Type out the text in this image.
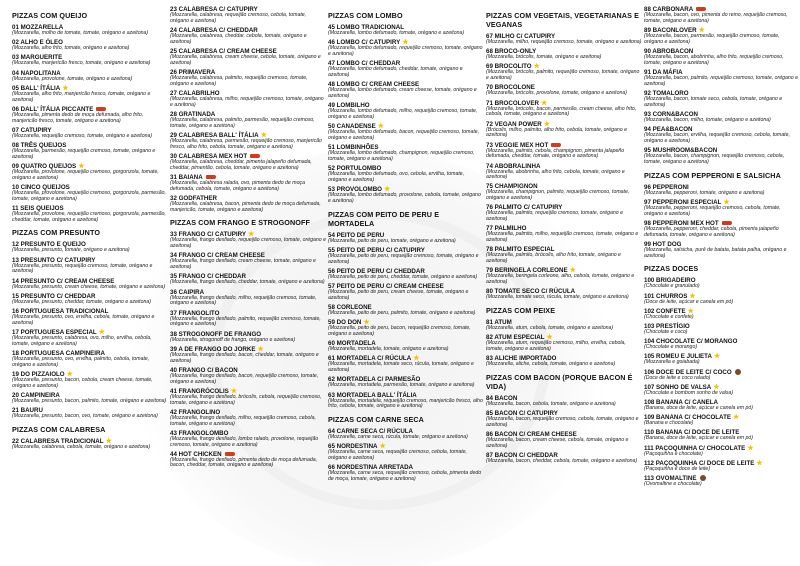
PIZZAS COM QUEIJO
01 MOZZARELLA
(Mozzarella, molho de tomate, tomate, orégano e azeitona)
02 ALHO E ÓLEO
(Mozzarella, alho frito, tomate, orégano e azeitona)
03 MARGUERITE
(Mozzarella, manjericão fresco, tomate, orégano e azeitona)
04 NAPOLITANA
(Mozzarella, provolone, tomate, orégano e azeitona)
05 BALL' ÍTÁLIA ★
(Mozzarella, alho frito, manjericão fresco, tomate, orégano e azeitona)
06 DALL' ÍTÁLIA PICCANTE
(Mozzarella, pimenta dedo de moça defumada, alho frito, manjericão fresco, tomate, orégano e azeitona)
07 CATUPIRY
(Mozzarella, requeijão cremoso, tomate, orégano e azeitona)
08 TRÊS QUEIJOS
(Mozzarella, parmesão, requeijão cremoso, tomate, orégano e azeitona)
09 QUATRO QUEIJOS ★
(Mozzarella, provolone, requeijão cremoso, gorgonzola, tomate, orégano e azeitona)
10 CINCO QUEIJOS
(Mozzarella, provolone, requeijão cremoso, gorgonzola, parmesão, tomate, orégano e azeitona)
11 SEIS QUEIJOS
(Mozzarella, provolone, requeijão cremoso, gorgonzola, parmesão, cheddar, tomate, orégano e azeitona)
PIZZAS COM PRESUNTO
12 PRESUNTO E QUEIJO
(Mozzarella, presunto, tomate, orégano e azeitona)
13 PRESUNTO C/ CATUPIRY
(Mozzarella, presunto, requeijão cremoso, tomate, orégano e azeitona)
14 PRESUNTO C/ CREAM CHEESE
(Mozzarella, presunto, cream cheese, tomate, orégano e azeitona)
15 PRESUNTO C/ CHEDDAR
(Mozzarella, presunto, cheddar, tomate, orégano e azeitona)
16 PORTUGUESA TRADICIONAL
(Mozzarella, presunto, ovo, ervilha, cebola, tomate, orégano e azeitona)
17 PORTUGUESA ESPECIAL ★
(Mozzarella, presunto, calabresa, ovo, milho, ervilha, cebola, tomate, orégano e azeitona)
18 PORTUGUESA CAMPINEIRA
(Mozzarella, presunto, ovo, ervilha, palmito, cebola, tomate, orégano e azeitona)
19 DO PIZZAIOLO ★
(Mozzarella, presunto, bacon, cebola, cream cheese, tomate, orégano e azeitona)
20 CAMPINEIRA
(Mozzarella, presunto, bacon, palmito, tomate, orégano e azeitona)
21 BAURU
(Mozzarella, presunto, bacon, ovo, tomate, orégano e azeitona)
PIZZAS COM CALABRESA
22 CALABRESA TRADICIONAL ★
(Mozzarella, calabresa, cebola, tomate, orégano e azeitona)
23 CALABRESA C/ CATUPIRY
(Mozzarella, calabresa, requeijão cremoso, cebola, tomate, orégano e azeitona)
24 CALABRESA C/ CHEDDAR
(Mozzarella, calabresa, cheddar, cebola, tomate, orégano e azeitona)
25 CALABRESA C/ CREAM CHEESE
(Mozzarella, calabresa, cream cheese, cebola, tomate, orégano e azeitona)
26 PRIMAVERA
(Mozzarella, calabresa, palmito, requeijão cremoso, tomate, orégano e azeitona)
27 CALABRILHO
(Mozzarella, calabresa, milho, requeijão cremoso, tomate, orégano e azeitona)
28 GRATINADA
(Mozzarella, calabresa, palmito, parmesão, requeijão cremoso, tomate, orégano e azeitona)
29 CALABRESA BALL' ÍTÁLIA ★
(Mozzarella, calabresa, parmesão, requeijão cremoso, manjericão fresco, alho frito, cebola, tomate, orégano e azeitona)
30 CALABRESA MEX HOT
(Mozzarella, calabresa, cheddar, pimenta jalapeño defumada, cheddar, pimentão, cebola, tomate, orégano e azeitona)
31 BAIANA
(Mozzarella, calabresa ralada, ovo, pimenta dedo de moça defumada, cebola, tomate, orégano e azeitona)
32 GODFATHER
(Mozzarella, calabresa, bacon, pimenta dedo de moça defumada, manjericão, tomate, orégano e azeitona)
PIZZAS COM FRANGO E STROGONOFF
33 FRANGO C/ CATUPIRY ★
(Mozzarella, frango desfiado, requeijão cremoso, tomate, orégano e azeitona)
34 FRANGO C/ CREAM CHEESE
(Mozzarella, frango desfiado, cream cheese, tomate, orégano e azeitona)
35 FRANGO C/ CHEDDAR
(Mozzarella, frango desfiado, cheddar, tomate, orégano e azeitona)
36 CAIPIRA
(Mozzarella, frango desfiado, milho, requeijão cremoso, tomate, orégano e azeitona)
37 FRANGOLITO
(Mozzarella, frango desfiado, palmito, requeijão cremoso, tomate, orégano e azeitona)
38 STROGONOFF DE FRANGO
(Mozzarella, strogonoff de frango, orégano e azeitona)
39 A DE FRANGO DO JORKE ★
(Mozzarella, frango desfiado, bacon, cheddar, tomate, orégano e azeitona)
40 FRANGO C/ BACON
(Mozzarella, frango desfiado, bacon, requeijão cremoso, tomate, orégano e azeitona)
41 FRANGRÓCOLIS ★
(Mozzarella, frango desfiado, brócolis, cebola, requeijão cremoso, tomate, orégano e azeitona)
42 FRANGOLINO
(Mozzarella, frango desfiado, milho, requeijão cremoso, cebola, tomate, orégano e azeitona)
43 FRANGOLOMBO
(Mozzarella, frango desfiado, lombo ralado, provolone, requeijão cremoso, tomate, orégano e azeitona)
44 HOT CHICKEN
(Mozzarella, frango desfiado, pimenta dedo de moça defumada, bacon, cheddar, tomate, orégano e azeitona)
PIZZAS COM LOMBO
45 LOMBO TRADICIONAL
(Mozzarella, lombo defumado, tomate, orégano e azeitona)
46 LOMBO C/ CATUPIRY ★
(Mozzarella, lombo defumado, requeijão cremoso, tomate, orégano e azeitona)
47 LOMBO C/ CHEDDAR
(Mozzarella, lombo defumado, cheddar, tomate, orégano e azeitona)
48 LOMBO C/ CREAM CHEESE
(Mozzarella, lombo defumado, cream cheese, tomate, orégano e azeitona)
49 LOMBILHO
(Mozzarella, lombo defumado, milho, requeijão cremoso, tomate, orégano e azeitona)
50 CANADENSE ★
(Mozzarella, lombo defumado, bacon, requeijão cremoso, tomate, orégano e azeitona)
51 LOMBINHÕES
(Mozzarella, lombo defumado, champignon, requeijão cremoso, tomate, orégano e azeitona)
52 PORTULOMBO
(Mozzarella, lombo defumado, ovo, cebola, ervilha, tomate, orégano e azeitona)
53 PROVOLOMBO ★
(Mozzarella, lombo defumado, provolone, cebola, tomate, orégano e azeitona)
PIZZAS COM PEITO DE PERU E MORTADELA
54 PEITO DE PERU
(Mozzarella, peito de peru, tomate, orégano e azeitona)
55 PEITO DE PERU C/ CATUPIRY
(Mozzarella, peito de peru, requeijão cremoso, tomate, orégano e azeitona)
56 PEITO DE PERU C/ CHEDDAR
(Mozzarella, peito de peru, cheddar, tomate, orégano e azeitona)
57 PEITO DE PERU C/ CREAM CHEESE
(Mozzarella, peito de peru, cream cheese, tomate, orégano e azeitona)
58 CORLEONE
(Mozzarella, peito de peru, palmito, tomate, orégano e azeitona)
59 DO DON ★
(Mozzarella, peito de peru, bacon, requeijão cremoso, tomate, orégano e azeitona)
60 MORTADELA
(Mozzarella, mortadela, tomate, orégano e azeitona)
61 MORTADELA C/ RÚCULA ★
(Mozzarella, mortadela, tomate seco, rúcula, tomate, orégano e azeitona)
62 MORTADELA C/ PARMESÃO
(Mozzarella, mortadela, parmesão, tomate, orégano e azeitona)
63 MORTADELA BALL' ÍTÁLIA
(Mozzarella, mortadela, requeijão cremoso, manjericão fresco, alho frito, cebola, tomate, orégano e azeitona)
PIZZAS COM CARNE SECA
64 CARNE SECA C/ RÚCULA
(Mozzarella, carne seca, rúcula, tomate, orégano e azeitona)
65 NORDESTINA ★
(Mozzarella, carne seca, requeijão cremoso, cebola, tomate, orégano e azeitona)
66 NORDESTINA ARRETADA
(Mozzarella, carne seca, requeijão cremoso, cebola, pimenta dedo de moça, tomate, orégano e azeitona)
PIZZAS COM VEGETAIS, VEGETARIANAS E VEGANAS
67 MILHO C/ CATUPIRY
(Mozzarella, milho, requeijão cremoso, tomate, orégano e azeitona)
68 BROCO-ONLY
(Mozzarella, brócolis, tomate, orégano e azeitona)
69 BROCOLITO ★
(Mozzarella, brócolis, palmito, requeijão cremoso, tomate, orégano e azeitona)
70 BROCOLONE
(Mozzarella, brócolis, provolone, tomate, orégano e azeitona)
71 BROCOLOVER ★
(Mozzarella, brócolis, bacon, parmesão, cream cheese, alho frito, cebola, tomate, orégano e azeitona)
72 VEGAN POWER ★
(Brócolis, milho, palmito, alho frito, cebola, tomate, orégano e azeitona)
73 VEGGIE MEX HOT
(Mozzarella, palmito, cebola, champignon, pimenta jalapeño defumada, cheddar, tomate, orégano e azeitona)
74 ABOBRALINHA
(Mozzarella, abobrinha, alho frito, cebola, tomate, orégano e azeitona)
75 CHAMPIGNON
(Mozzarella, champignon, palmito, requeijão cremoso, tomate, orégano e azeitona)
76 PALMITO C/ CATUPIRY
(Mozzarella, palmito, requeijão cremoso, tomate, orégano e azeitona)
77 PALMILHO
(Mozzarella, palmito, milho, requeijão cremoso, tomate, orégano e azeitona)
78 PALMITO ESPECIAL
(Mozzarella, palmito, brócolis, alho frito, tomate, orégano e azeitona)
79 BERINGELA CORLEONE ★
(Mozzarella, beringela corleone, alho, cebola, tomate, orégano e azeitona)
80 TOMATE SECO C/ RÚCULA
(Mozzarella, tomate seco, rúcula, tomate, orégano e azeitona)
PIZZAS COM PEIXE
81 ATUM
(Mozzarella, atum, cebola, tomate, orégano e azeitona)
82 ATUM ESPECIAL ★
(Mozzarella, atum, requeijão cremoso, milho, ervilha, cebola, tomate, orégano e azeitona)
83 ALICHE IMPORTADO
(Mozzarella, aliche, cebola, tomate, orégano e azeitona)
PIZZAS COM BACON (PORQUE BACON É VIDA)
84 BACON
(Mozzarella, bacon, cebola, tomate, orégano e azeitona)
85 BACON C/ CATUPIRY
(Mozzarella, bacon, requeijão cremoso, cebola, tomate, orégano e azeitona)
86 BACON C/ CREAM CHEESE
(Mozzarella, bacon, cream cheese, cebola, tomate, orégano e azeitona)
87 BACON C/ CHEDDAR
(Mozzarella, bacon, cheddar, cebola, tomate, orégano e azeitona)
88 CARBONARA
(Mozzarella, bacon, ovo, pimenta do reino, requeijão cremoso, tomate, orégano e azeitona)
89 BACONLOVER ★
(Mozzarella, bacon, parmesão, requeijão cremoso, tomate, orégano e azeitona)
90 ABROBACON
(Mozzarella, bacon, abobrinha, alho frito, requeijão cremoso, tomate, orégano e azeitona)
91 DA MÁFIA
(Mozzarella, bacon, palmito, requeijão cremoso, tomate, orégano e azeitona)
92 TOMALORO
(Mozzarella, bacon, tomate seco, cebola, tomate, orégano e azeitona)
93 CORN&BACON
(Mozzarella, bacon, milho, tomate, orégano e azeitona)
94 PEA&BACON
(Mozzarella, bacon, ervilha, requeijão cremoso, cebola, tomate, orégano e azeitona)
95 MUSHROOM&BACON
(Mozzarella, bacon, champignon, requeijão cremoso, cebola, tomate, orégano e azeitona)
PIZZAS COM PEPPERONI E SALSICHA
96 PEPPERONI
(Mozzarella, pepperoni, tomate, orégano e azeitona)
97 PEPPERONI ESPECIAL ★
(Mozzarella, pepperoni, requeijão cremoso, cebola, tomate, orégano e azeitona)
98 PEPPERONI MEX HOT
(Mozzarella, pepperoni, cheddar, cebola, pimenta jalapeño defumada, tomate, orégano e azeitona)
99 HOT DOG
(Mozzarella, salsicha, purê de batata, batata palha, orégano e azeitona)
PIZZAS DOCES
100 BRIGADEIRO
(Chocolate e granulado)
101 CHURROS ★
(Doce de leite, açúcar e canela em pó)
102 CONFETE ★
(Chocolate e confete)
103 PRESTÍGIO
(Chocolate e coco)
104 CHOCOLATE C/ MORANGO
(Chocolate e morango)
105 ROMEU E JULIETA ★
(Mozzarella e goiabada)
106 DOCE DE LEITE C/ COCO
(Doce de leite e coco ralado)
107 SONHO DE VALSA ★
(Chocolate e bombom sonho de valsa)
108 BANANA C/ CANELA
(Banana, doce de leite, açúcar e canela em pó)
109 BANANA C/ CHOCOLATE ★
(Banana e chocolate)
110 BANANA C/ DOCE DE LEITE
(Banana, doce de leite, açúcar e canela em pó)
111 PAÇOQUINHA C/ CHOCOLATE ★
(Paçoquinha e chocolate)
112 PAÇOQUINHA C/ DOCE DE LEITE ★
(Paçoquinha e doce de leite)
113 OVOMALTINE
(Ovomaltine e chocolate)
